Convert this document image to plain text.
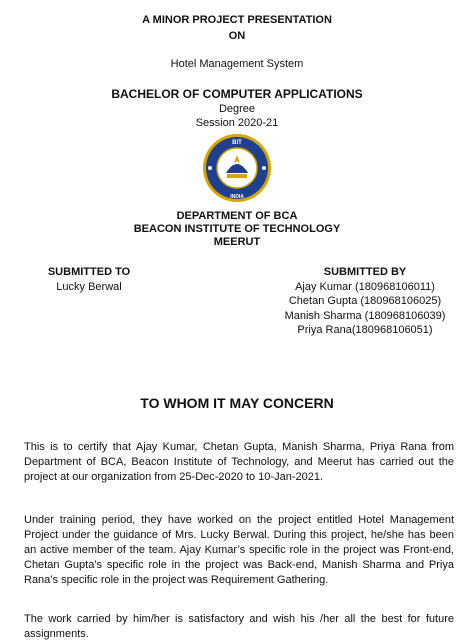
A MINOR PROJECT PRESENTATION
ON
Hotel Management System
BACHELOR OF COMPUTER APPLICATIONS
Degree
Session 2020-21
BIT
INDIA
DEPARTMENT OF BCA
BEACON INSTITUTE OF TECHNOLOGY
MEERUT
SUBMITTED TO
Lucky Berwal
SUBMITTED BY
Ajay Kumar (180968106011)
Chetan Gupta (180968106025)
Manish Sharma (180968106039)
Priya Rana(180968106051)
TO WHOM IT MAY CONCERN
This is to certify that Ajay Kumar, Chetan Gupta, Manish Sharma, Priya Rana from Department of BCA, Beacon Institute of Technology, and Meerut has carried out the project at our organization from 25-Dec-2020 to 10-Jan-2021.
Under training period, they have worked on the project entitled Hotel Management Project under the guidance of Mrs. Lucky Berwal. During this project, he/she has been an active member of the team. Ajay Kumar’s specific role in the project was Front-end, Chetan Gupta’s specific role in the project was Back-end, Manish Sharma and Priya Rana’s specific role in the project was Requirement Gathering.
The work carried by him/her is satisfactory and wish his /her all the best for future assignments.
